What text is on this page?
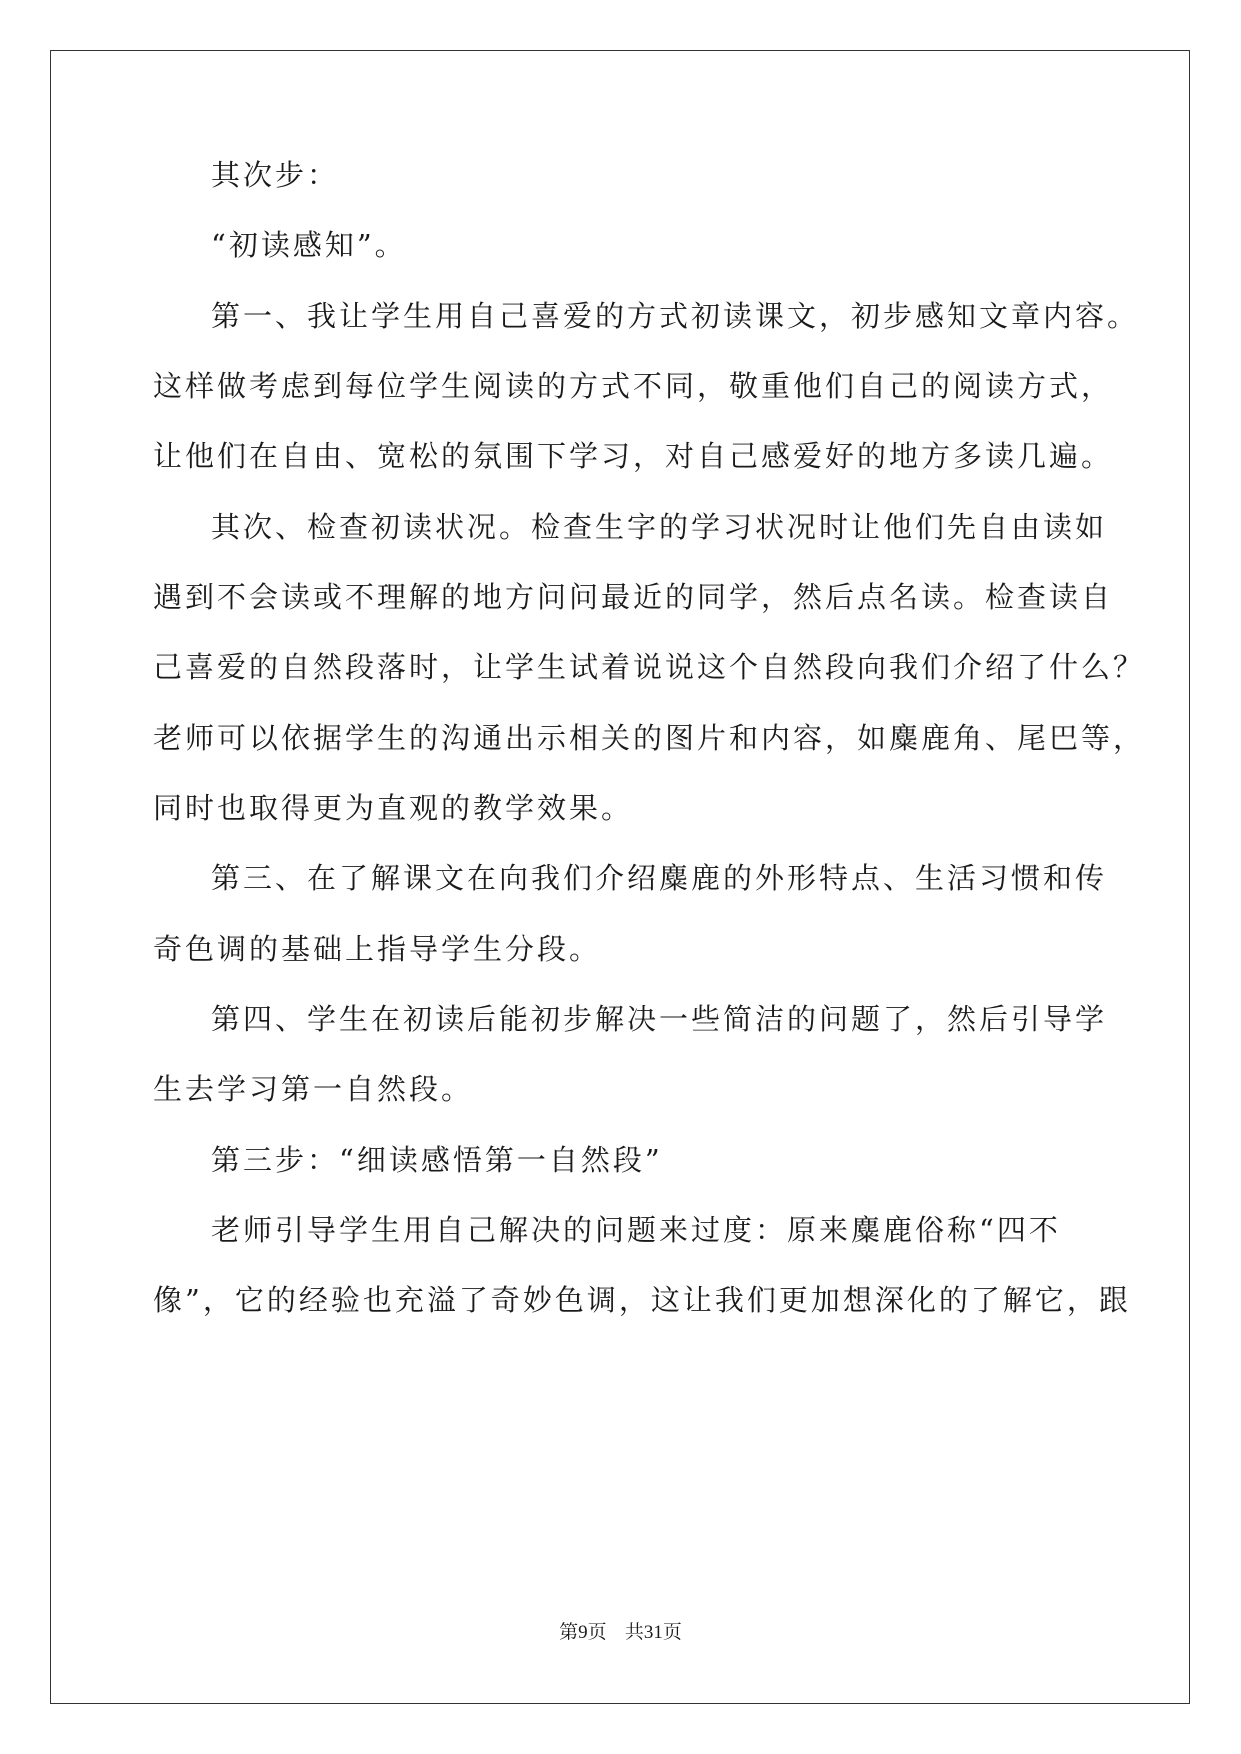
其次步：
“初读感知”。
第一、我让学生用自己喜爱的方式初读课文，初步感知文章内容。
这样做考虑到每位学生阅读的方式不同，敬重他们自己的阅读方式，
让他们在自由、宽松的氛围下学习，对自己感爱好的地方多读几遍。
其次、检查初读状况。检查生字的学习状况时让他们先自由读如
遇到不会读或不理解的地方问问最近的同学，然后点名读。检查读自
己喜爱的自然段落时，让学生试着说说这个自然段向我们介绍了什么？
老师可以依据学生的沟通出示相关的图片和内容，如麋鹿角、尾巴等，
同时也取得更为直观的教学效果。
第三、在了解课文在向我们介绍麋鹿的外形特点、生活习惯和传
奇色调的基础上指导学生分段。
第四、学生在初读后能初步解决一些简洁的问题了，然后引导学
生去学习第一自然段。
第三步：“细读感悟第一自然段”
老师引导学生用自己解决的问题来过度：原来麋鹿俗称“四不
像”，它的经验也充溢了奇妙色调，这让我们更加想深化的了解它，跟
第9页 共31页
